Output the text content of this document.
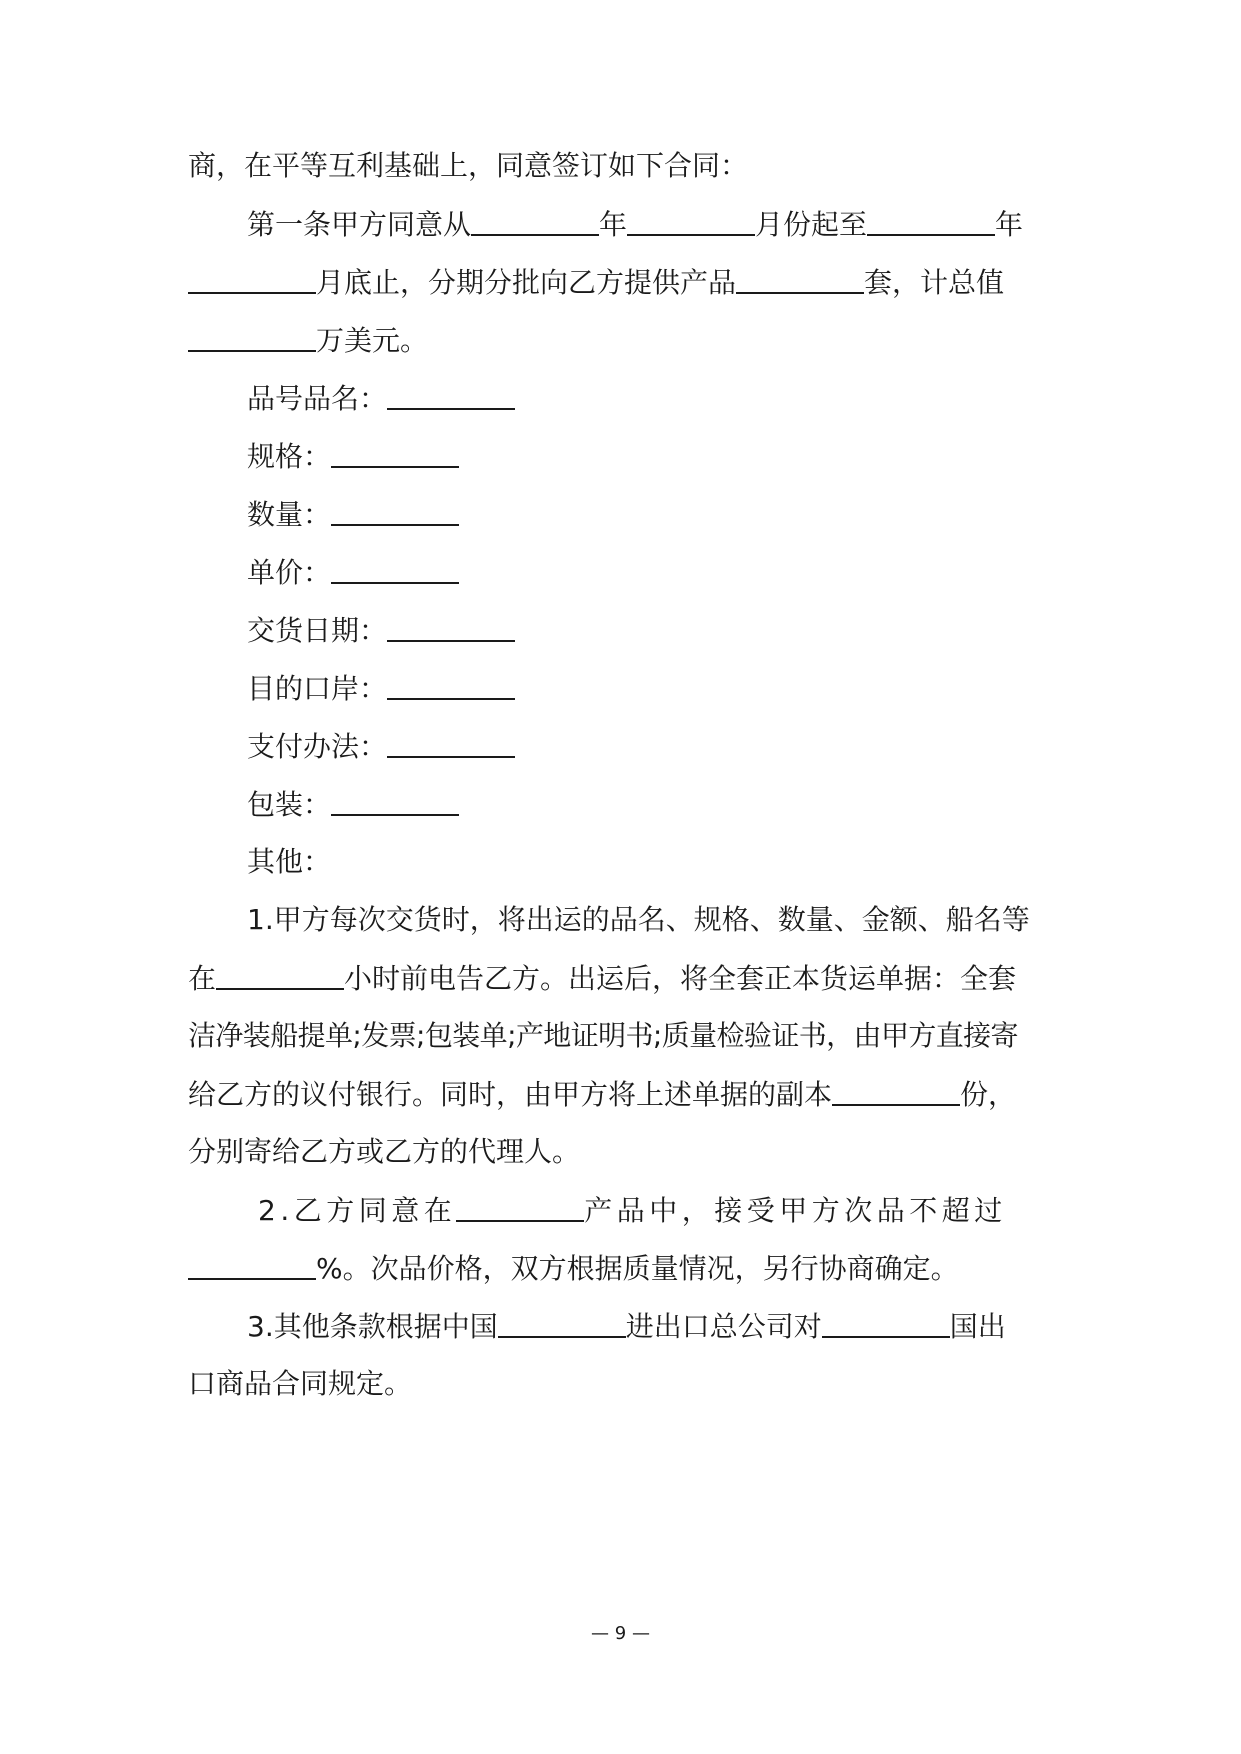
商，在平等互利基础上，同意签订如下合同：
第一条甲方同意从	年	月份起至	年
月底止，分期分批向乙方提供产品	套，计总值
万美元。
品号品名：
规格：
数量：
单价：
交货日期：
目的口岸：
支付办法：
包装：
其他：
1.甲方每次交货时，将出运的品名、规格、数量、金额、船名等
在	小时前电告乙方。出运后，将全套正本货运单据：全套
洁净装船提单;发票;包装单;产地证明书;质量检验证书，由甲方直接寄
给乙方的议付银行。同时，由甲方将上述单据的副本	份，
分别寄给乙方或乙方的代理人。
2.乙方同意在	产品中，接受甲方次品不超过
%。次品价格，双方根据质量情况，另行协商确定。
3.其他条款根据中国	进出口总公司对	国出
口商品合同规定。
— 9 —
